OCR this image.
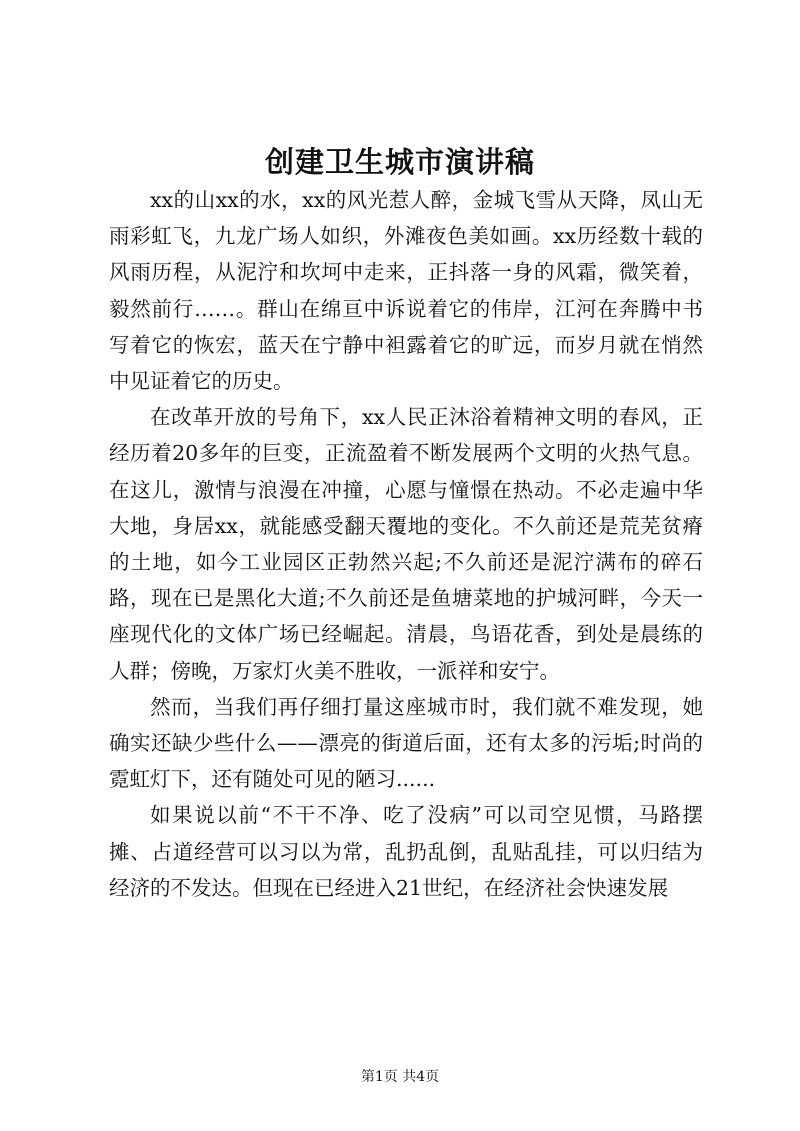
创建卫生城市演讲稿

xx的山xx的水，xx的风光惹人醉，金城飞雪从天降，凤山无雨彩虹飞，九龙广场人如织，外滩夜色美如画。xx历经数十载的风雨历程，从泥泞和坎坷中走来，正抖落一身的风霜，微笑着，毅然前行……。群山在绵亘中诉说着它的伟岸，江河在奔腾中书写着它的恢宏，蓝天在宁静中袒露着它的旷远，而岁月就在悄然中见证着它的历史。

在改革开放的号角下，xx人民正沐浴着精神文明的春风，正经历着20多年的巨变，正流盈着不断发展两个文明的火热气息。在这儿，激情与浪漫在冲撞，心愿与憧憬在热动。不必走遍中华大地，身居xx，就能感受翻天覆地的变化。不久前还是荒芜贫瘠的土地，如今工业园区正勃然兴起;不久前还是泥泞满布的碎石路，现在已是黑化大道;不久前还是鱼塘菜地的护城河畔，今天一座现代化的文体广场已经崛起。清晨，鸟语花香，到处是晨练的人群；傍晚，万家灯火美不胜收，一派祥和安宁。

然而，当我们再仔细打量这座城市时，我们就不难发现，她确实还缺少些什么——漂亮的街道后面，还有太多的污垢;时尚的霓虹灯下，还有随处可见的陋习......

如果说以前“不干不净、吃了没病”可以司空见惯，马路摆摊、占道经营可以习以为常，乱扔乱倒，乱贴乱挂，可以归结为经济的不发达。但现在已经进入21世纪，在经济社会快速发展

第1页 共4页
